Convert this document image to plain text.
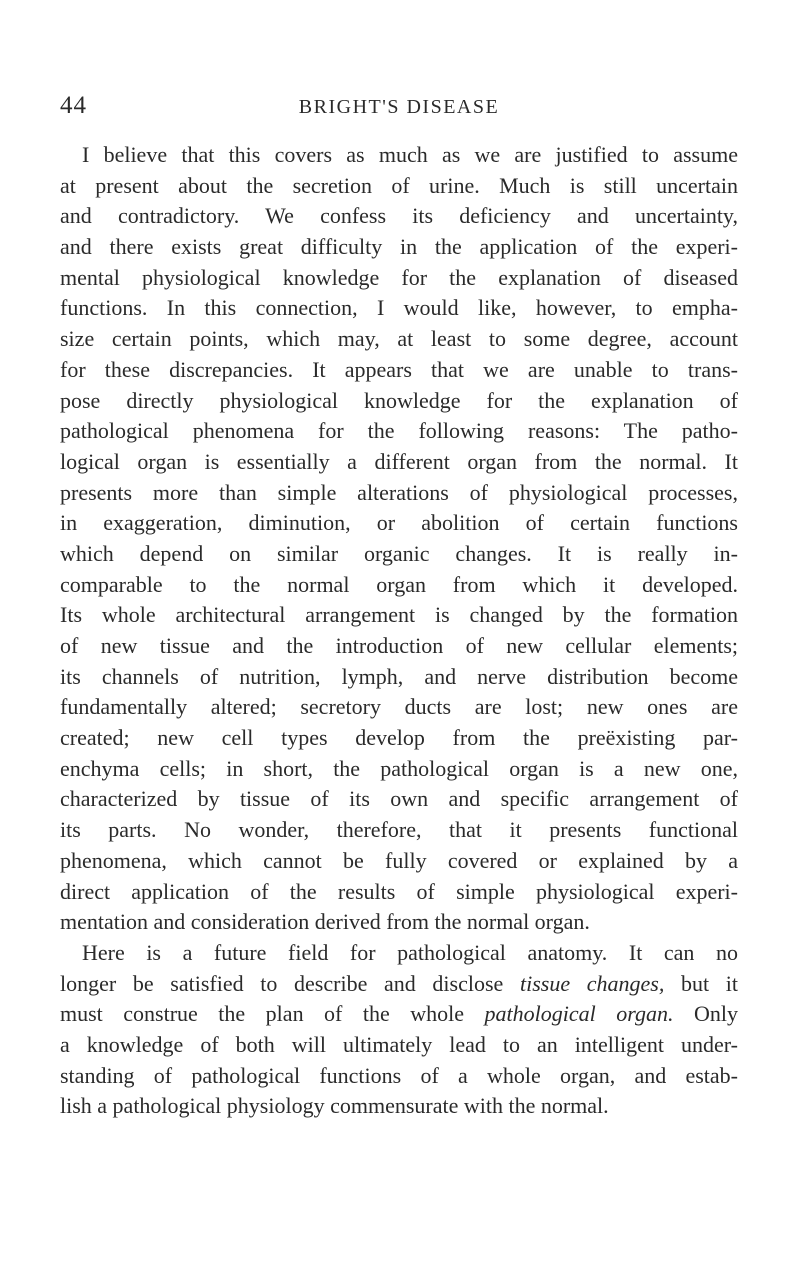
44	BRIGHT'S DISEASE
I believe that this covers as much as we are justified to assume
at present about the secretion of urine. Much is still uncertain
and contradictory. We confess its deficiency and uncertainty,
and there exists great difficulty in the application of the experi-
mental physiological knowledge for the explanation of diseased
functions. In this connection, I would like, however, to empha-
size certain points, which may, at least to some degree, account
for these discrepancies. It appears that we are unable to trans-
pose directly physiological knowledge for the explanation of
pathological phenomena for the following reasons: The patho-
logical organ is essentially a different organ from the normal. It
presents more than simple alterations of physiological processes,
in exaggeration, diminution, or abolition of certain functions
which depend on similar organic changes. It is really in-
comparable to the normal organ from which it developed.
Its whole architectural arrangement is changed by the formation
of new tissue and the introduction of new cellular elements;
its channels of nutrition, lymph, and nerve distribution become
fundamentally altered; secretory ducts are lost; new ones are
created; new cell types develop from the preëxisting par-
enchyma cells; in short, the pathological organ is a new one,
characterized by tissue of its own and specific arrangement of
its parts. No wonder, therefore, that it presents functional
phenomena, which cannot be fully covered or explained by a
direct application of the results of simple physiological experi-
mentation and consideration derived from the normal organ.
Here is a future field for pathological anatomy. It can no
longer be satisfied to describe and disclose tissue changes, but it
must construe the plan of the whole pathological organ. Only
a knowledge of both will ultimately lead to an intelligent under-
standing of pathological functions of a whole organ, and estab-
lish a pathological physiology commensurate with the normal.
